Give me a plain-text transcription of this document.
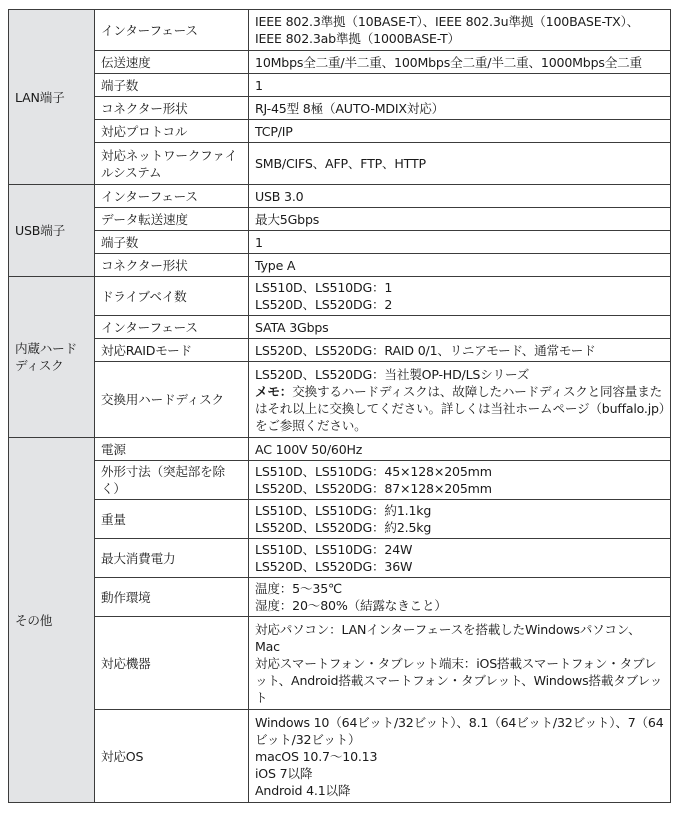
LAN端子	インターフェース	IEEE 802.3準拠（10BASE-T）、IEEE 802.3u準拠（100BASE-TX）、IEEE 802.3ab準拠（1000BASE-T）
	伝送速度	10Mbps全二重/半二重、100Mbps全二重/半二重、1000Mbps全二重
	端子数	1
	コネクター形状	RJ-45型 8極（AUTO-MDIX対応）
	対応プロトコル	TCP/IP
	対応ネットワークファイルシステム	SMB/CIFS、AFP、FTP、HTTP
USB端子	インターフェース	USB 3.0
	データ転送速度	最大5Gbps
	端子数	1
	コネクター形状	Type A
内蔵ハードディスク	ドライブベイ数	LS510D、LS510DG：1
LS520D、LS520DG：2

	インターフェース	SATA 3Gbps
	対応RAIDモード	LS520D、LS520DG：RAID 0/1、リニアモード、通常モード
	交換用ハードディスク	LS520D、LS520DG：当社製OP-HD/LSシリーズ
メモ：交換するハードディスクは、故障したハードディスクと同容量またはそれ以上に交換してください。詳しくは当社ホームページ（buffalo.jp）をご参照ください。

その他	電源	AC 100V 50/60Hz
	外形寸法（突起部を除く）	LS510D、LS510DG：45×128×205mm
LS520D、LS520DG：87×128×205mm

	重量	LS510D、LS510DG：約1.1kg
LS520D、LS520DG：約2.5kg

	最大消費電力	LS510D、LS510DG：24W
LS520D、LS520DG：36W

	動作環境	温度：5～35℃
湿度：20～80%（結露なきこと）

	対応機器	対応パソコン：LANインターフェースを搭載したWindowsパソコン、Mac
対応スマートフォン・タブレット端末：iOS搭載スマートフォン・タブレット、Android搭載スマートフォン・タブレット、Windows搭載タブレット

	対応OS	Windows 10（64ビット/32ビット）、8.1（64ビット/32ビット）、7（64ビット/32ビット）
macOS 10.7～10.13
iOS 7以降
Android 4.1以降
